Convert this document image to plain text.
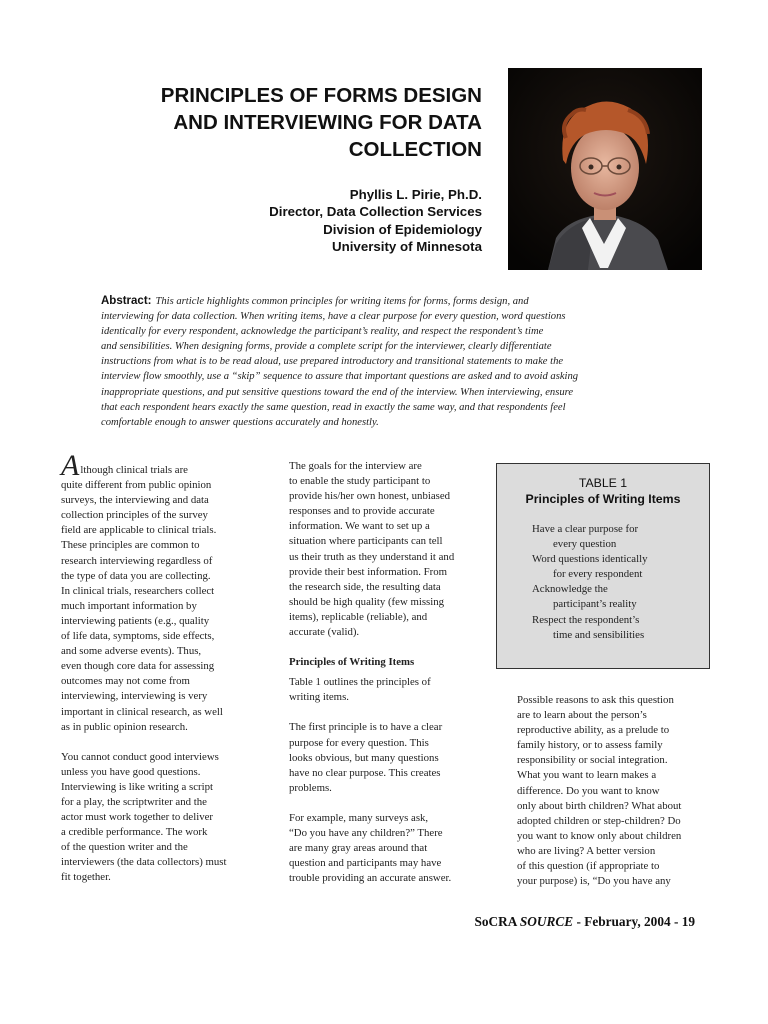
PRINCIPLES OF FORMS DESIGN
AND INTERVIEWING FOR DATA
COLLECTION
Phyllis L. Pirie, Ph.D.
Director, Data Collection Services
Division of Epidemiology
University of Minnesota
Abstract: This article highlights common principles for writing items for forms, forms design, and
interviewing for data collection. When writing items, have a clear purpose for every question, word questions
identically for every respondent, acknowledge the participant’s reality, and respect the respondent’s time
and sensibilities. When designing forms, provide a complete script for the interviewer, clearly differentiate
instructions from what is to be read aloud, use prepared introductory and transitional statements to make the
interview flow smoothly, use a “skip” sequence to assure that important questions are asked and to avoid asking
inappropriate questions, and put sensitive questions toward the end of the interview. When interviewing, ensure
that each respondent hears exactly the same question, read in exactly the same way, and that respondents feel
comfortable enough to answer questions accurately and honestly.

Although clinical trials are

quite different from public opinion
surveys, the interviewing and data
collection principles of the survey
field are applicable to clinical trials.
These principles are common to
research interviewing regardless of
the type of data you are collecting.
In clinical trials, researchers collect
much important information by
interviewing patients (e.g., quality
of life data, symptoms, side effects,
and some adverse events). Thus,
even though core data for assessing
outcomes may not come from
interviewing, interviewing is very
important in clinical research, as well
as in public opinion research.
You cannot conduct good interviews
unless you have good questions.
Interviewing is like writing a script
for a play, the scriptwriter and the
actor must work together to deliver
a credible performance. The work
of the question writer and the
interviewers (the data collectors) must
fit together.
The goals for the interview are
to enable the study participant to
provide his/her own honest, unbiased
responses and to provide accurate
information. We want to set up a
situation where participants can tell
us their truth as they understand it and
provide their best information. From
the research side, the resulting data
should be high quality (few missing
items), replicable (reliable), and
accurate (valid).

Principles of Writing Items

Table 1 outlines the principles of
writing items.
The first principle is to have a clear
purpose for every question. This
looks obvious, but many questions
have no clear purpose. This creates
problems.
For example, many surveys ask,
“Do you have any children?” There
are many gray areas around that
question and participants may have
trouble providing an accurate answer.
TABLE 1
Principles of Writing Items
Have a clear purpose for
every question
Word questions identically
for every respondent
Acknowledge the
participant’s reality
Respect the respondent’s
time and sensibilities
Possible reasons to ask this question
are to learn about the person’s
reproductive ability, as a prelude to
family history, or to assess family
responsibility or social integration.
What you want to learn makes a
difference. Do you want to know
only about birth children? What about
adopted children or step-children? Do
you want to know only about children
who are living? A better version
of this question (if appropriate to
your purpose) is, “Do you have any
SoCRA SOURCE - February, 2004 - 19
